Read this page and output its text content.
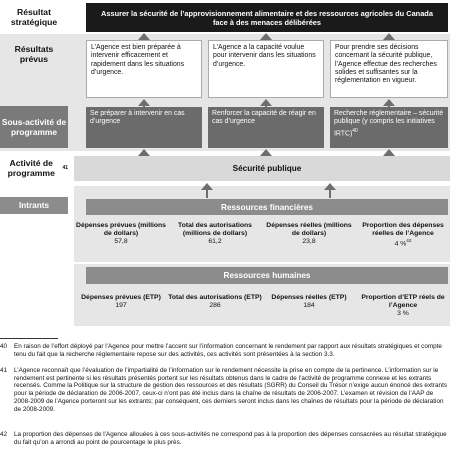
Résultat stratégique
Assurer la sécurité de l’approvisionnement alimentaire et des ressources agricoles du Canada face à des menaces délibérées
Résultats prévus
L’Agence est bien préparée à intervenir efficacement et rapidement dans les situations d’urgence.
L’Agence a la capacité voulue pour intervenir dans les situations d’urgence.
Pour prendre ses décisions concernant la sécurité publique, l’Agence effectue des recherches solides et suffisantes sur la réglementation en vigueur.
Sous-activité de programme
Se préparer à intervenir en cas d’urgence
Renforcer la capacité de réagir en cas d’urgence
Recherche réglementaire – sécurité publique (y compris les initiatives IRTC)$^{40}$
Activité de programme	41	Sécurité publique
Intrants	Ressources financières
Dépenses prévues (millions de dollars)
57,8
Total des autorisations (millions de dollars)
61,2
Dépenses réelles (millions de dollars)
23,8
Proportion des dépenses réelles de l’Agence
4 %$^{42}$
Ressources humaines
Dépenses prévues (ETP)
197
Total des autorisations (ETP)
286
Dépenses réelles (ETP)
184
Proportion d’ETP réels de l’Agence
3 %
40 En raison de l’effort déployé par l’Agence pour mettre l’accent sur l’information concernant le rendement par rapport aux résultats stratégiques et compte tenu du fait que la recherche réglementaire repose sur des activités, ces activités sont présentées à la section 3.3.
41 L’Agence reconnaît que l’évaluation de l’impartialité de l’information sur le rendement nécessite la prise en compte de la pertinence. L’information sur le rendement est pertinente si les résultats présentés portent sur les résultats obtenus dans le cadre de l’activité de programme connexe et les extrants recensés. Comme la Politique sur la structure de gestion des ressources et des résultats (SGRR) du Conseil du Trésor n’exige aucun énoncé des extrants pour la période de déclaration de 2006-2007, ceux-ci n’ont pas été inclus dans la chaîne de résultats de 2006-2007. L’examen et révision de l’AAP de 2008-2009 de l’Agence porteront sur les extrants; par conséquent, ces derniers seront inclus dans les chaînes de résultats pour la période de déclaration de 2008-2009.
42 La proportion des dépenses de l’Agence allouées à ces sous-activités ne correspond pas à la proportion des dépenses consacrées au résultat stratégique du fait qu’on a arrondi au point de pourcentage le plus près.
